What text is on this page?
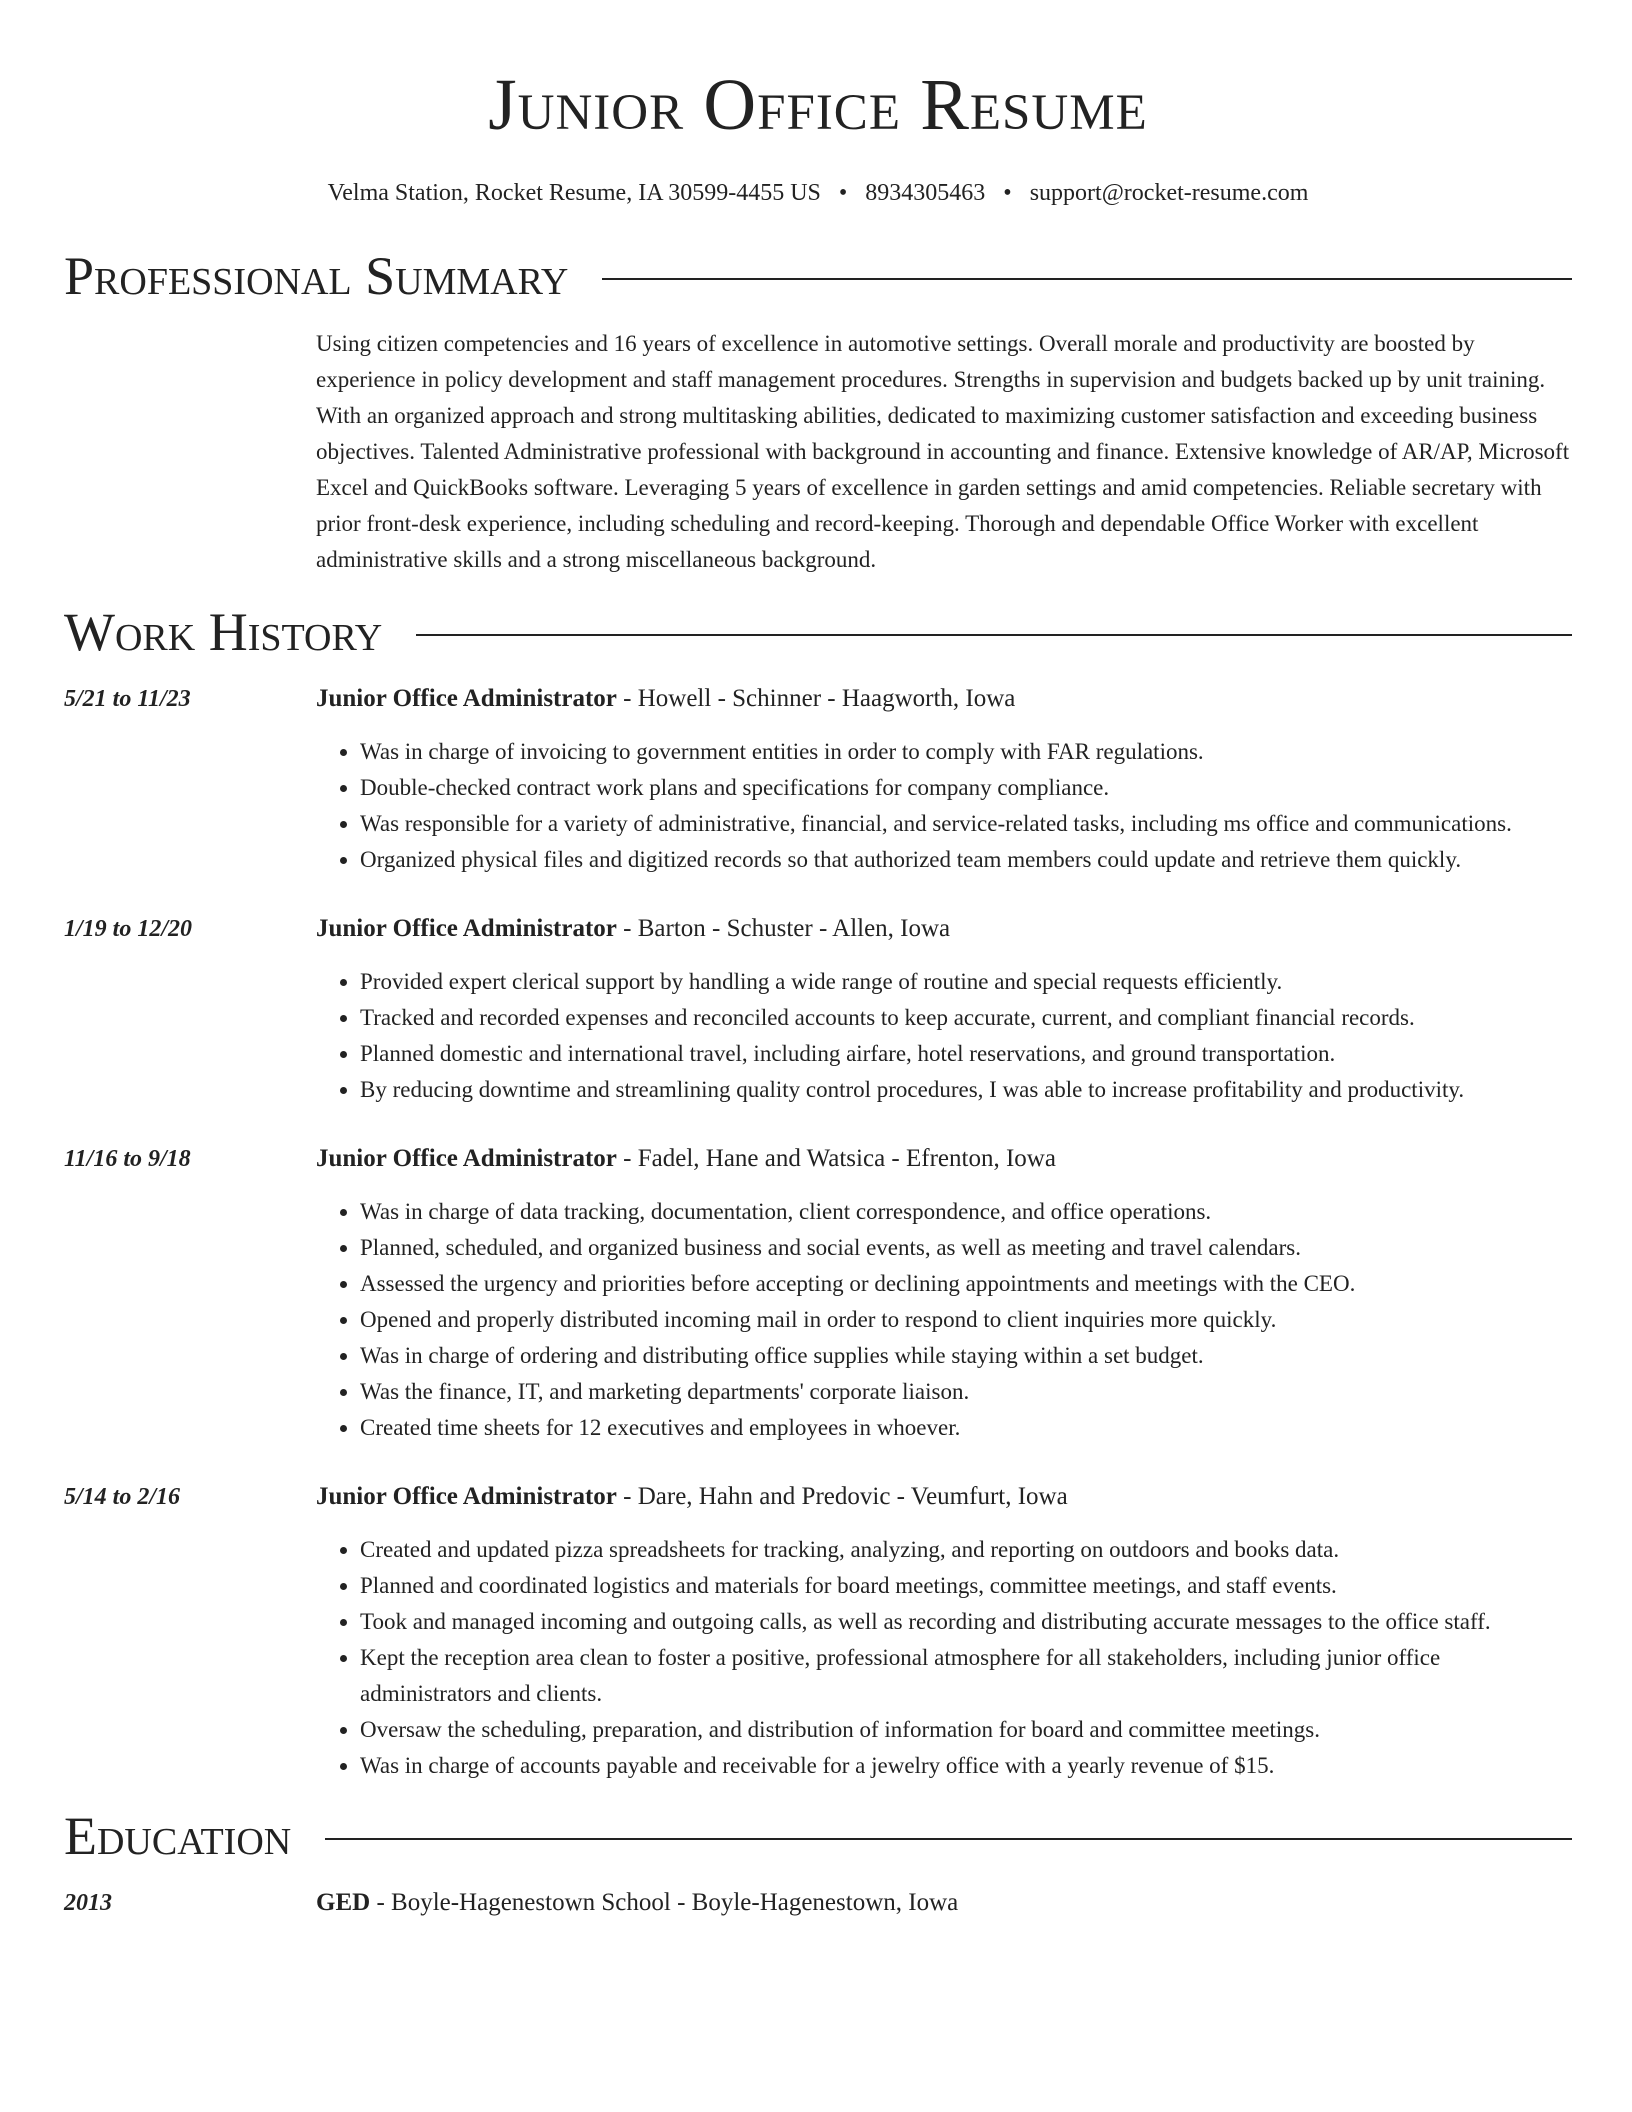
Junior Office Resume
Velma Station, Rocket Resume, IA 30599-4455 US • 8934305463 • support@rocket-resume.com
Professional Summary
Using citizen competencies and 16 years of excellence in automotive settings. Overall morale and productivity are boosted by experience in policy development and staff management procedures. Strengths in supervision and budgets backed up by unit training. With an organized approach and strong multitasking abilities, dedicated to maximizing customer satisfaction and exceeding business objectives. Talented Administrative professional with background in accounting and finance. Extensive knowledge of AR/AP, Microsoft Excel and QuickBooks software. Leveraging 5 years of excellence in garden settings and amid competencies. Reliable secretary with prior front-desk experience, including scheduling and record-keeping. Thorough and dependable Office Worker with excellent administrative skills and a strong miscellaneous background.
Work History
5/21 to 11/23	Junior Office Administrator - Howell - Schinner - Haagworth, Iowa
• Was in charge of invoicing to government entities in order to comply with FAR regulations.
• Double-checked contract work plans and specifications for company compliance.
• Was responsible for a variety of administrative, financial, and service-related tasks, including ms office and communications.
• Organized physical files and digitized records so that authorized team members could update and retrieve them quickly.
1/19 to 12/20	Junior Office Administrator - Barton - Schuster - Allen, Iowa
• Provided expert clerical support by handling a wide range of routine and special requests efficiently.
• Tracked and recorded expenses and reconciled accounts to keep accurate, current, and compliant financial records.
• Planned domestic and international travel, including airfare, hotel reservations, and ground transportation.
• By reducing downtime and streamlining quality control procedures, I was able to increase profitability and productivity.
11/16 to 9/18	Junior Office Administrator - Fadel, Hane and Watsica - Efrenton, Iowa
• Was in charge of data tracking, documentation, client correspondence, and office operations.
• Planned, scheduled, and organized business and social events, as well as meeting and travel calendars.
• Assessed the urgency and priorities before accepting or declining appointments and meetings with the CEO.
• Opened and properly distributed incoming mail in order to respond to client inquiries more quickly.
• Was in charge of ordering and distributing office supplies while staying within a set budget.
• Was the finance, IT, and marketing departments' corporate liaison.
• Created time sheets for 12 executives and employees in whoever.
5/14 to 2/16	Junior Office Administrator - Dare, Hahn and Predovic - Veumfurt, Iowa
• Created and updated pizza spreadsheets for tracking, analyzing, and reporting on outdoors and books data.
• Planned and coordinated logistics and materials for board meetings, committee meetings, and staff events.
• Took and managed incoming and outgoing calls, as well as recording and distributing accurate messages to the office staff.
• Kept the reception area clean to foster a positive, professional atmosphere for all stakeholders, including junior office administrators and clients.
• Oversaw the scheduling, preparation, and distribution of information for board and committee meetings.
• Was in charge of accounts payable and receivable for a jewelry office with a yearly revenue of $15.
Education
2013	GED - Boyle-Hagenestown School - Boyle-Hagenestown, Iowa
